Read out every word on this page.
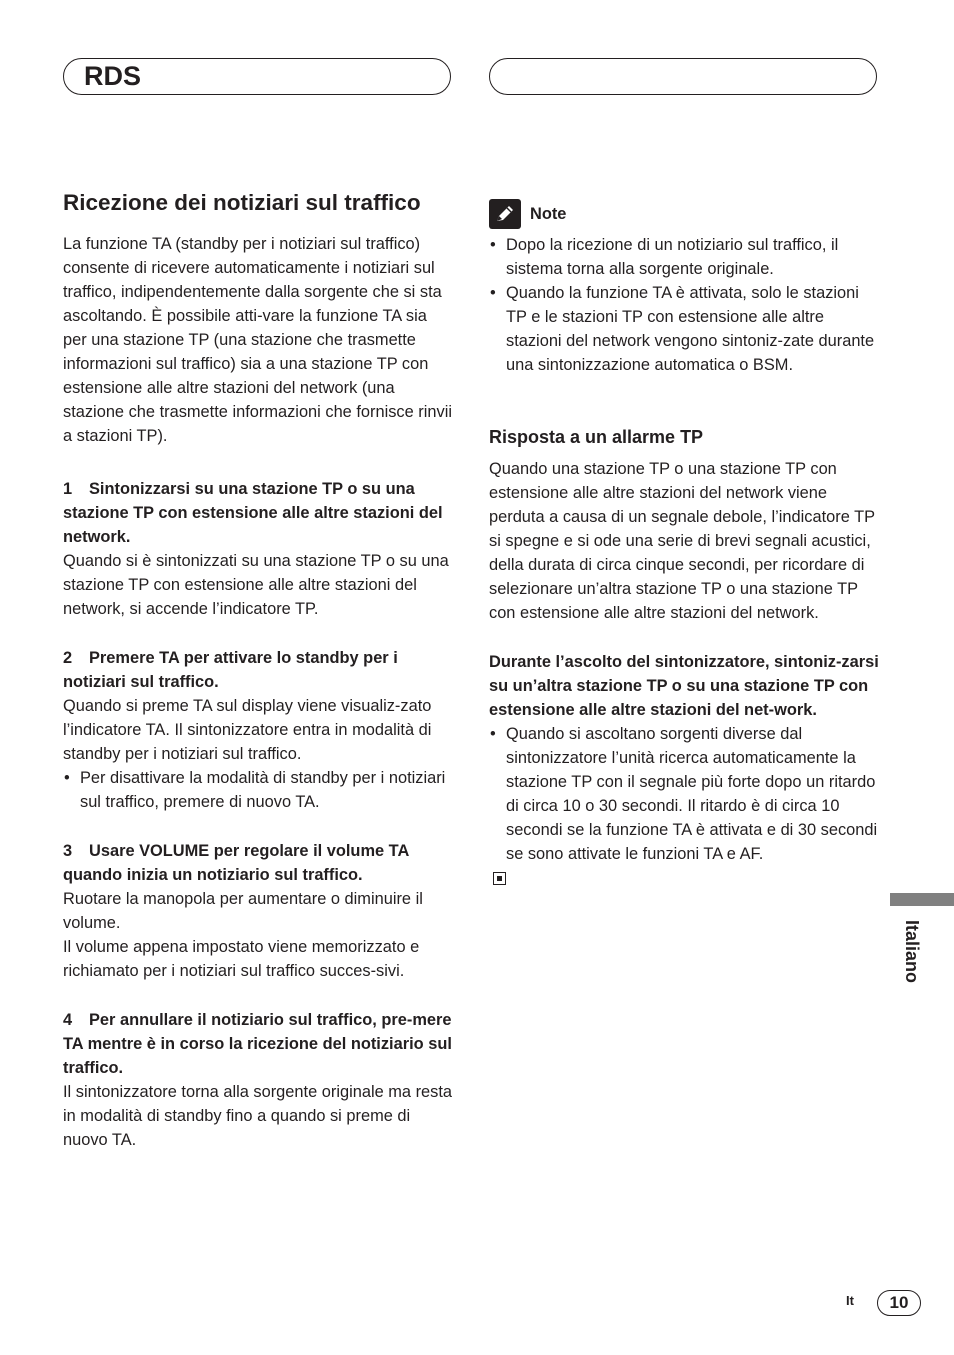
RDS
Ricezione dei notiziari sul traffico

La funzione TA (standby per i notiziari sul traffico) consente di ricevere automaticamente i notiziari sul traffico, indipendentemente dalla sorgente che si sta ascoltando. È possibile atti-vare la funzione TA sia per una stazione TP (una stazione che trasmette informazioni sul traffico) sia a una stazione TP con estensione alle altre stazioni del network (una stazione che trasmette informazioni che fornisce rinvii a stazioni TP).

1 Sintonizzarsi su una stazione TP o su una stazione TP con estensione alle altre stazioni del network.

Quando si è sintonizzati su una stazione TP o su una stazione TP con estensione alle altre stazioni del network, si accende l’indicatore TP.

2 Premere TA per attivare lo standby per i notiziari sul traffico.

Quando si preme TA sul display viene visualiz-zato l’indicatore TA. Il sintonizzatore entra in modalità di standby per i notiziari sul traffico.

• Per disattivare la modalità di standby per i notiziari sul traffico, premere di nuovo TA.

3 Usare VOLUME per regolare il volume TA quando inizia un notiziario sul traffico.

Ruotare la manopola per aumentare o diminuire il volume.

Il volume appena impostato viene memorizzato e richiamato per i notiziari sul traffico succes-sivi.

4 Per annullare il notiziario sul traffico, pre-mere TA mentre è in corso la ricezione del notiziario sul traffico.

Il sintonizzatore torna alla sorgente originale ma resta in modalità di standby fino a quando si preme di nuovo TA.

Note

• Dopo la ricezione di un notiziario sul traffico, il sistema torna alla sorgente originale.

• Quando la funzione TA è attivata, solo le stazioni TP e le stazioni TP con estensione alle altre stazioni del network vengono sintoniz-zate durante una sintonizzazione automatica o BSM.

Risposta a un allarme TP

Quando una stazione TP o una stazione TP con estensione alle altre stazioni del network viene perduta a causa di un segnale debole, l’indicatore TP si spegne e si ode una serie di brevi segnali acustici, della durata di circa cinque secondi, per ricordare di selezionare un’altra stazione TP o una stazione TP con estensione alle altre stazioni del network.

Durante l’ascolto del sintonizzatore, sintoniz-zarsi su un’altra stazione TP o su una stazione TP con estensione alle altre stazioni del net-work.

• Quando si ascoltano sorgenti diverse dal sintonizzatore l’unità ricerca automaticamente la stazione TP con il segnale più forte dopo un ritardo di circa 10 o 30 secondi. Il ritardo è di circa 10 secondi se la funzione TA è attivata e di 30 secondi se sono attivate le funzioni TA e AF.

Italiano
It	10
